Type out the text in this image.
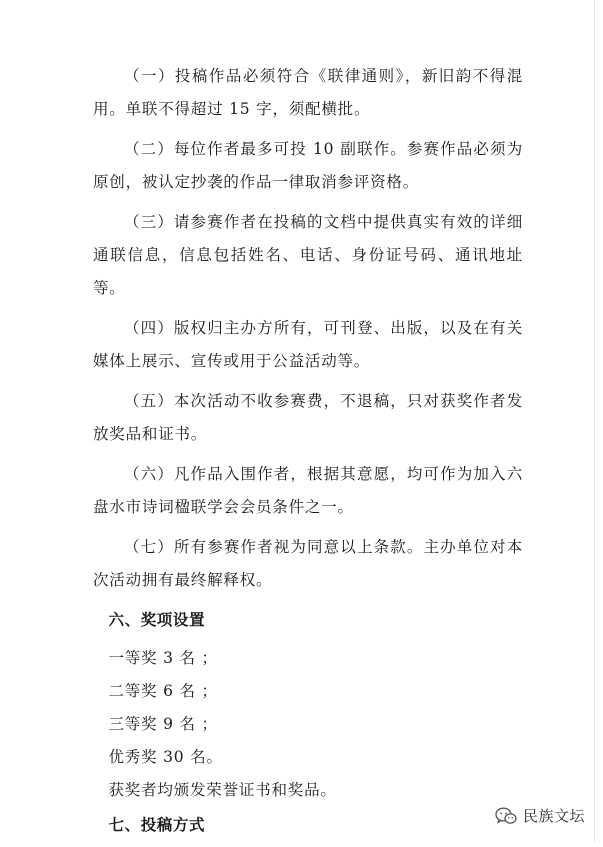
（一）投稿作品必须符合《联律通则》，新旧韵不得混用。单联不得超过 15 字，须配横批。

（二）每位作者最多可投 10 副联作。参赛作品必须为原创，被认定抄袭的作品一律取消参评资格。

（三）请参赛作者在投稿的文档中提供真实有效的详细通联信息，信息包括姓名、电话、身份证号码、通讯地址等。

（四）版权归主办方所有，可刊登、出版，以及在有关媒体上展示、宣传或用于公益活动等。

（五）本次活动不收参赛费，不退稿，只对获奖作者发放奖品和证书。

（六）凡作品入围作者，根据其意愿，均可作为加入六盘水市诗词楹联学会会员条件之一。

（七）所有参赛作者视为同意以上条款。主办单位对本次活动拥有最终解释权。

六、奖项设置
一等奖 3 名 ；
二等奖 6 名 ；
三等奖 9 名 ；
优秀奖 30 名。
获奖者均颁发荣誉证书和奖品。
七、投稿方式	民族文坛
